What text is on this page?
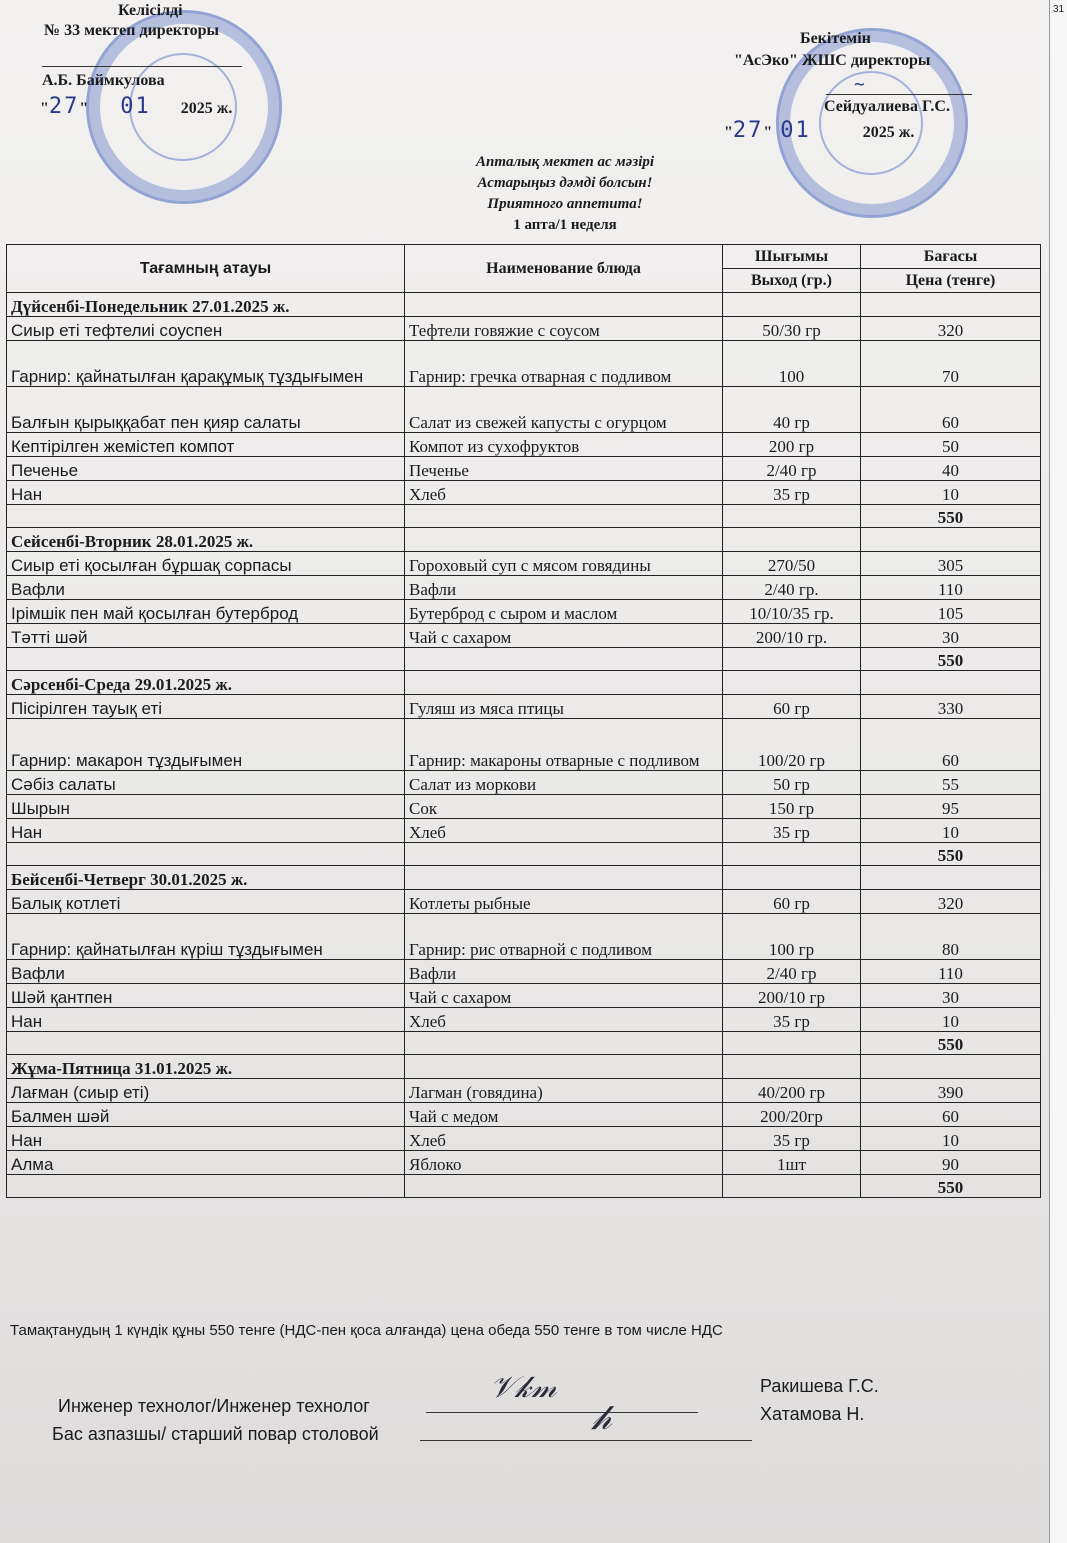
31
Келісілді
№ 33 мектеп директоры
А.Б. Баймкулова
"27" 01 2025 ж.
Бекітемін
"АсЭко" ЖШС директоры
~
Сейдуалиева Г.С.
"27" 01	2025 ж.
Апталық мектеп ас мәзірі
Астарыңыз дәмді болсын!
Приятного аппетита!
1 апта/1 неделя
Тағамның атауы	Наименование блюда	Шығымы	Бағасы
		Выход (гр.)	Цена (тенге)
Дүйсенбі-Понедельник 27.01.2025 ж.			
Сиыр еті тефтелиі соуспен	Тефтели говяжие с соусом	50/30 гр	320
Гарнир: қайнатылған қарақұмық тұздығымен	Гарнир: гречка отварная с подливом	100	70
Балғын қырыққабат пен қияр салаты	Салат из свежей капусты с огурцом	40 гр	60
Кептірілген жемістеп компот	Компот из сухофруктов	200 гр	50
Печенье	Печенье	2/40 гр	40
Нан	Хлеб	35 гр	10
			550
Сейсенбі-Вторник 28.01.2025 ж.			
Сиыр еті қосылған бұршақ сорпасы	Гороховый суп с мясом говядины	270/50	305
Вафли	Вафли	2/40 гр.	110
Ірімшік пен май қосылған бутерброд	Бутерброд с сыром и маслом	10/10/35 гр.	105
Тәтті шәй	Чай с сахаром	200/10 гр.	30
			550
Сәрсенбі-Среда 29.01.2025 ж.			
Пісірілген тауық еті	Гуляш из мяса птицы	60 гр	330
Гарнир: макарон тұздығымен	Гарнир: макароны отварные с подливом	100/20 гр	60
Сәбіз салаты	Салат из моркови	50 гр	55
Шырын	Сок	150 гр	95
Нан	Хлеб	35 гр	10
			550
Бейсенбі-Четверг 30.01.2025 ж.			
Балық котлеті	Котлеты рыбные	60 гр	320
Гарнир: қайнатылған күріш тұздығымен	Гарнир: рис отварной с подливом	100 гр	80
Вафли	Вафли	2/40 гр	110
Шәй қантпен	Чай с сахаром	200/10 гр	30
Нан	Хлеб	35 гр	10
			550
Жұма-Пятница 31.01.2025 ж.			
Лағман (сиыр еті)	Лагман (говядина)	40/200 гр	390
Балмен шәй	Чай с медом	200/20гр	60
Нан	Хлеб	35 гр	10
Алма	Яблоко	1шт	90
			550
Тамақтанудың 1 күндік құны 550 тенге (НДС-пен қоса алғанда) цена обеда 550 тенге в том числе НДС
Инженер технолог/Инженер технолог
𝒱𝓀𝓂	Ракишева Г.С.
Бас азпазшы/ старший повар столовой	𝒽	Хатамова Н.
